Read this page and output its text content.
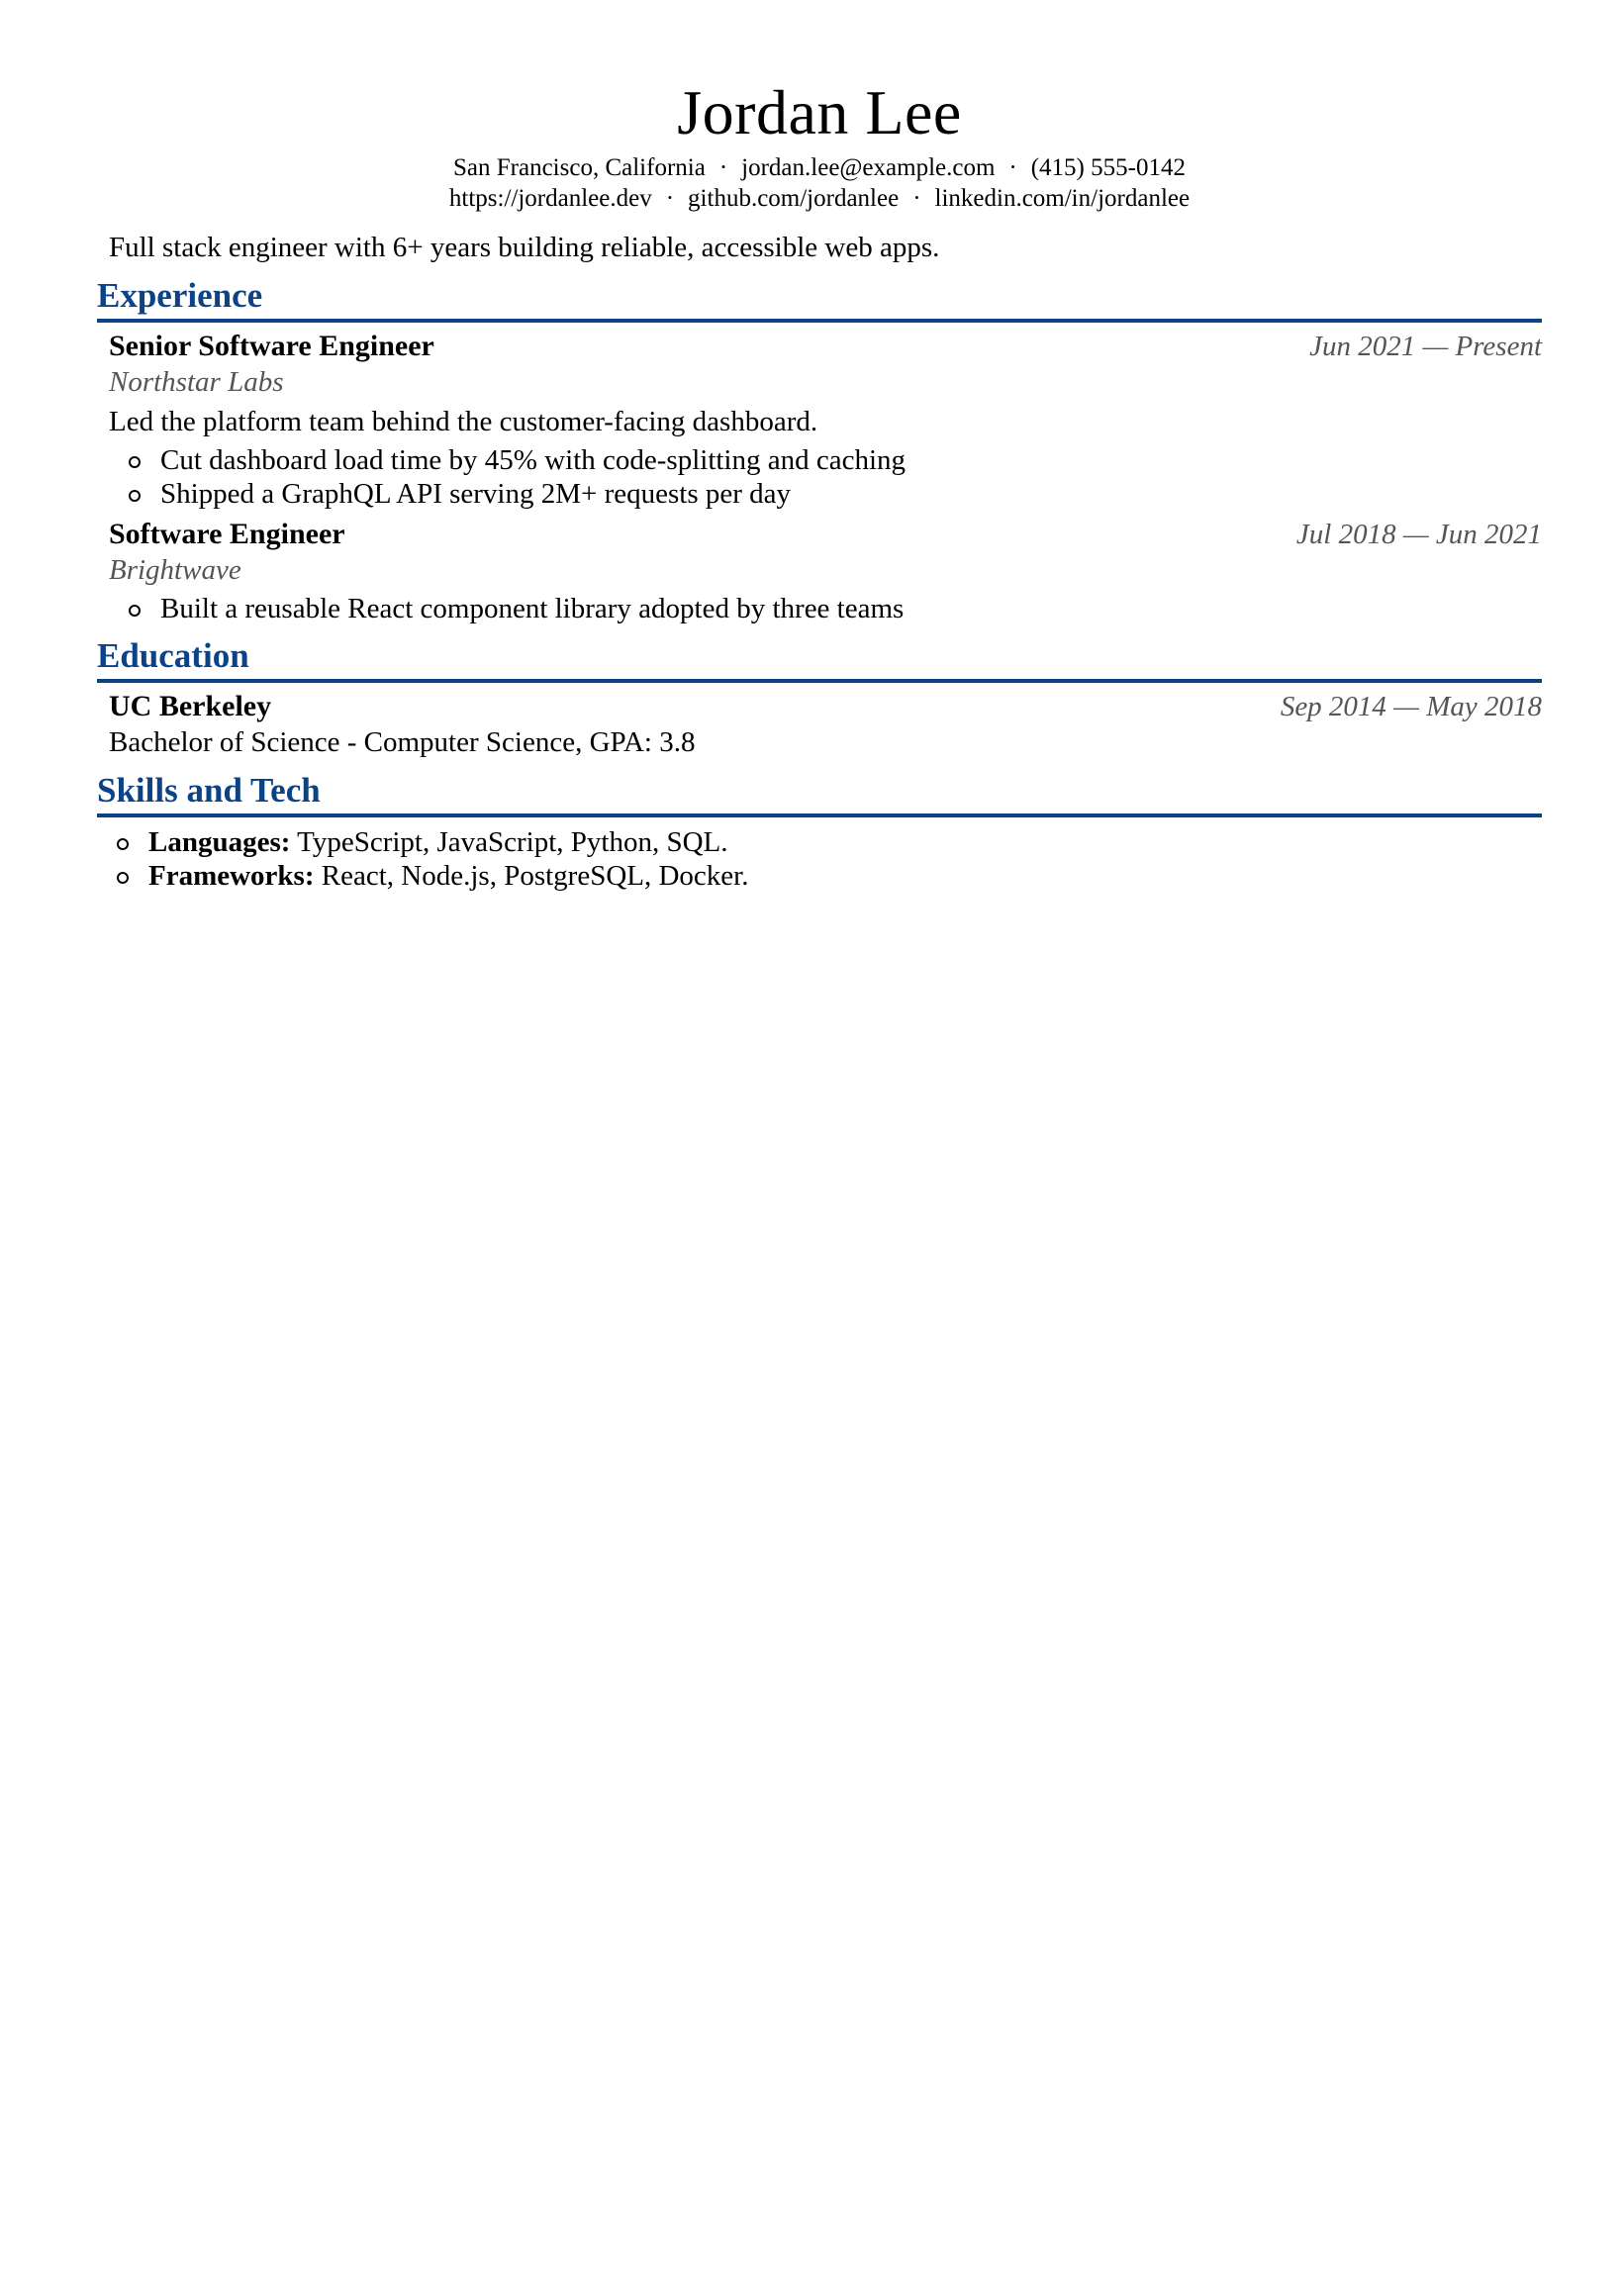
Jordan Lee
San Francisco, California · jordan.lee@example.com · (415) 555-0142
https://jordanlee.dev · github.com/jordanlee · linkedin.com/in/jordanlee
Full stack engineer with 6+ years building reliable, accessible web apps.
Experience
Senior Software Engineer	Jun 2021 — Present
Northstar Labs
Led the platform team behind the customer-facing dashboard.
Cut dashboard load time by 45% with code-splitting and caching
Shipped a GraphQL API serving 2M+ requests per day
Software Engineer	Jul 2018 — Jun 2021
Brightwave
Built a reusable React component library adopted by three teams
Education
UC Berkeley	Sep 2014 — May 2018
Bachelor of Science - Computer Science, GPA: 3.8
Skills and Tech
Languages: TypeScript, JavaScript, Python, SQL.
Frameworks: React, Node.js, PostgreSQL, Docker.
